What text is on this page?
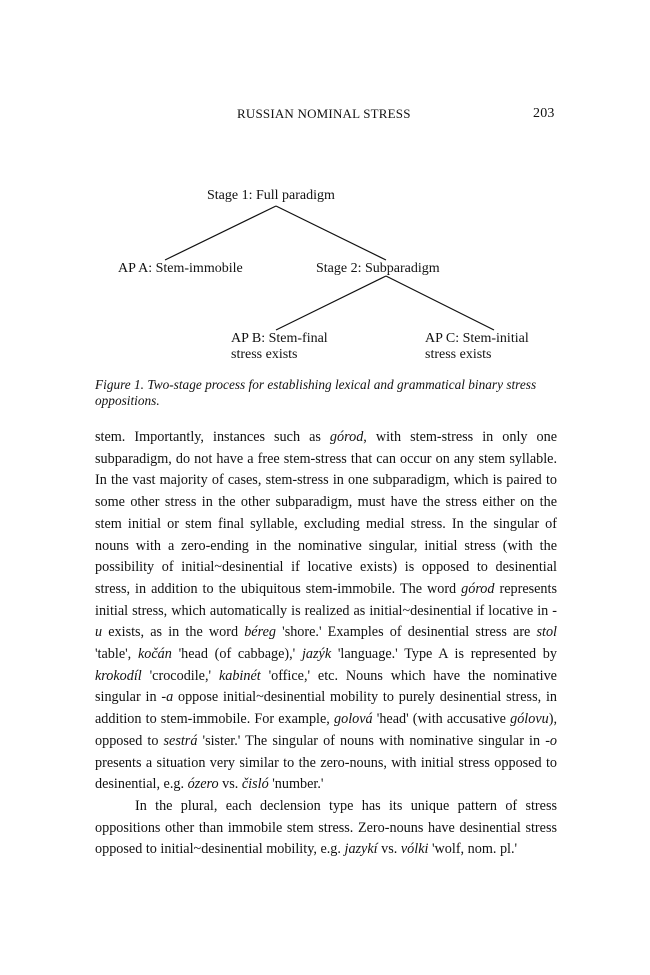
RUSSIAN NOMINAL STRESS	203
Stage 1: Full paradigm
AP A: Stem-immobile	Stage 2: Subparadigm
AP B: Stem-final
stress exists
AP C: Stem-initial
stress exists
Figure 1. Two-stage process for establishing lexical and grammatical binary stress oppositions.

stem. Importantly, instances such as górod, with stem-stress in only one subparadigm, do not have a free stem-stress that can occur on any stem syllable. In the vast majority of cases, stem-stress in one subparadigm, which is paired to some other stress in the other subparadigm, must have the stress either on the stem initial or stem final syllable, excluding medial stress. In the singular of nouns with a zero-ending in the nominative singular, initial stress (with the possibility of initial~desinential if locative exists) is opposed to desinential stress, in addition to the ubiquitous stem-immobile. The word górod represents initial stress, which automatically is realized as initial~desinential if locative in -u exists, as in the word béreg 'shore.' Examples of desinential stress are stol 'table', kočán 'head (of cabbage),' jazýk 'language.' Type A is represented by krokodíl 'crocodile,' kabinét 'office,' etc. Nouns which have the nominative singular in -a oppose initial~desinential mobility to purely desinential stress, in addition to stem-immobile. For example, golová 'head' (with accusative gólovu), opposed to sestrá 'sister.' The singular of nouns with nominative singular in -o presents a situation very similar to the zero-nouns, with initial stress opposed to desinential, e.g. ózero vs. čisló 'number.'

In the plural, each declension type has its unique pattern of stress oppositions other than immobile stem stress. Zero-nouns have desinential stress opposed to initial~desinential mobility, e.g. jazykí vs. vólki 'wolf, nom. pl.'
